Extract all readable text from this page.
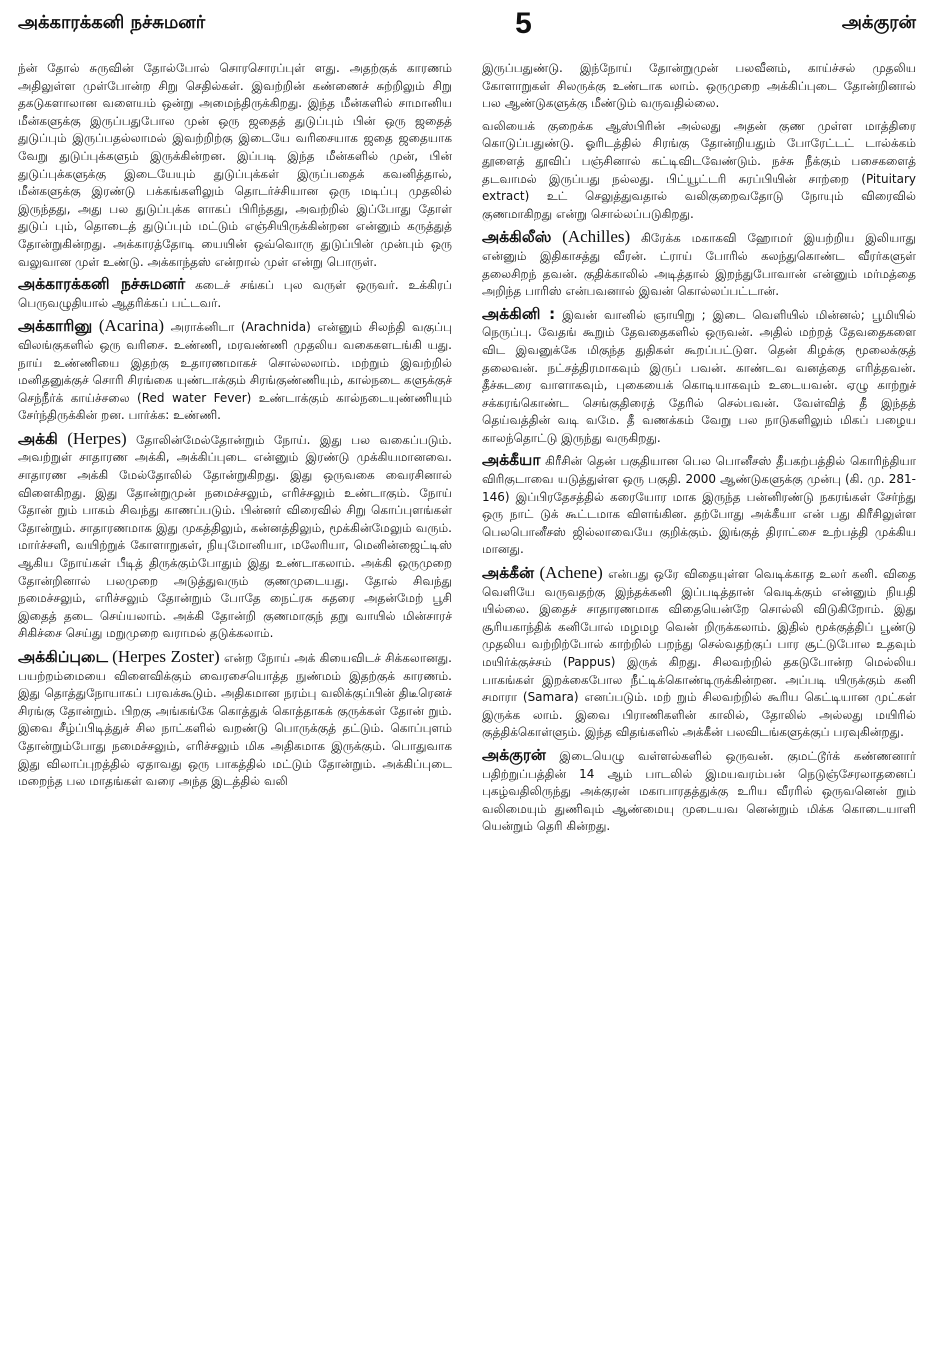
அக்காரக்கனி நச்சுமனர்	5	அக்குரன்

ந்ன் தோல் சுருவின் தோல்போல் சொரசொரப்புள் ளது. அதற்குக் காரணம் அதிலுள்ள முள்போன்ற சிறு செதில்கள். இவற்றின் கண்ணைச் சுற்றிலும் சிறு தகடுகளாலான வளையம் ஒன்று அமைந்திருக்கிறது. இந்த மீன்களில் சாமானிய மீன்களுக்கு இருப்பதுபோல முன் ஒரு ஜதைத் துடுப்பும் பின் ஒரு ஜதைத் துடுப்பும் இருப்பதல்லாமல் இவற்றிற்கு இடையே வரிசையாக ஜதை ஜதையாக வேறு துடுப்புக்களும் இருக்கின்றன. இப்படி இந்த மீன்களில் முன், பின் துடுப்புக்களுக்கு இடையேயும் துடுப்புக்கள் இருப்பதைக் கவனித்தால், மீன்களுக்கு இரண்டு பக்கங்களிலும் தொடர்ச்சியான ஒரு மடிப்பு முதலில் இருந்தது, அது பல துடுப்புக்க ளாகப் பிரிந்தது, அவற்றில் இப்போது தோள் துடுப் பும், தொடைத் துடுப்பும் மட்டும் எஞ்சியிருக்கின்றன என்னும் கருத்துத் தோன்றுகின்றது. அக்காரத்தோடி யையின் ஒவ்வொரு துடுப்பின் முன்பும் ஒரு வலுவான முள் உண்டு. அக்காந்தஸ் என்றால் முள் என்று பொருள்.

அக்காரக்கனி நச்சுமனர் கடைச் சங்கப் புல வருள் ஒருவர். உக்கிரப் பெருவழுதியால் ஆதரிக்கப் பட்டவர்.

அக்காரினு (Acarina) அராக்னிடா (Arachnida) என்னும் சிலந்தி வகுப்பு விலங்குகளில் ஒரு வரிசை. உண்ணி, மரவண்ணி முதலிய வகைகளடங்கி யது. நாய் உண்ணியை இதற்கு உதாரணமாகச் சொல்லலாம். மற்றும் இவற்றில் மனிதனுக்குச் சொரி சிரங்கை யுண்டாக்கும் சிரங்குண்ணியும், கால்நடை களுக்குச் செந்நீர்க் காய்ச்சலை (Red water Fever) உண்டாக்கும் கால்நடையுண்ணியும் சேர்ந்திருக்கின் றன. பார்க்க: உண்ணி.

அக்கி (Herpes) தோலின்மேல்தோன்றும் நோய். இது பல வகைப்படும். அவற்றுள் சாதாரண அக்கி, அக்கிப்புடை என்னும் இரண்டு முக்கியமானவை. சாதாரண அக்கி மேல்தோலில் தோன்றுகிறது. இது ஒருவகை வைரசினால் விளைகிறது. இது தோன்றுமுன் நமைச்சலும், எரிச்சலும் உண்டாகும். நோய் தோன் றும் பாகம் சிவந்து காணப்படும். பின்னர் விரைவில் சிறு கொப்புளங்கள் தோன்றும். சாதாரணமாக இது முகத்திலும், கன்னத்திலும், மூக்கின்மேலும் வரும். மார்ச்சளி, வயிற்றுக் கோளாறுகள், நியுமோனியா, மலேரியா, மெனின்ஜைட்டிஸ் ஆகிய நோய்கள் பீடித் திருக்கும்போதும் இது உண்டாகலாம். அக்கி ஒருமுறை தோன்றினால் பலமுறை அடுத்துவரும் குணமுடையது. தோல் சிவந்து நமைச்சலும், எரிச்சலும் தோன்றும் போதே நைட்ரசு சுதரை அதன்மேற் பூசி இதைத் தடை செய்யலாம். அக்கி தோன்றி குணமாகுந் தறு வாயில் மின்சாரச் சிகிச்சை செய்து மறுமுறை வராமல் தடுக்கலாம்.

அக்கிப்புடை (Herpes Zoster) என்ற நோய் அக் கியைவிடச் சிக்கலானது. பயற்றம்மையை விளைவிக்கும் வைரசையொத்த நுண்மம் இதற்குக் காரணம். இது தொத்துநோயாகப் பரவக்கூடும். அதிகமான நரம்பு வலிக்குப்பின் திடீரெனச் சிரங்கு தோன்றும். பிறகு அங்கங்கே கொத்துக் கொத்தாகக் குருக்கள் தோன் றும். இவை சீழ்ப்பிடித்துச் சில நாட்களில் வறண்டு பொருக்குத் தட்டும். கொப்புளம் தோன்றும்போது நமைச்சலும், எரிச்சலும் மிக அதிகமாக இருக்கும். பொதுவாக இது விலாப்புறத்தில் ஏதாவது ஒரு பாகத்தில் மட்டும் தோன்றும். அக்கிப்புடை மறைந்த பல மாதங்கள் வரை அந்த இடத்தில் வலி

இருப்பதுண்டு. இந்நோய் தோன்றுமுன் பலவீனம், காய்ச்சல் முதலிய கோளாறுகள் சிலருக்கு உண்டாக லாம். ஒருமுறை அக்கிப்புடை தோன்றினால் பல ஆண்டுகளுக்கு மீண்டும் வருவதில்லை.

வலியைக் குறைக்க ஆஸ்பிரின் அல்லது அதன் குண முள்ள மாத்திரை கொடுப்பதுண்டு. ஓரிடத்தில் சிரங்கு தோன்றியதும் போரேட்டட் டால்க்கம் தூளைத் தூவிப் பஞ்சினால் கட்டிவிடவேண்டும். நச்சு நீக்கும் பசைகளைத் தடவாமல் இருப்பது நல்லது. பிட்யூட்டரி சுரப்பியின் சாற்றை (Pituitary extract) உட் செலுத்துவதால் வலிகுறைவதோடு நோயும் விரைவில் குணமாகிறது என்று சொல்லப்படுகிறது.

அக்கிலீஸ் (Achilles) கிரேக்க மகாகவி ஹோமர் இயற்றிய இலியாது என்னும் இதிகாசத்து வீரன். ட்ராய் போரில் கலந்துகொண்ட வீரர்களுள் தலைசிறந் தவன். குதிக்காலில் அடித்தால் இறந்துபோவான் என்னும் மர்மத்தை அறிந்த பாரிஸ் என்பவனால் இவன் கொல்லப்பட்டான்.

அக்கினி : இவன் வானில் ஞாயிறு ; இடை வெளியில் மின்னல்; பூமியில் நெருப்பு. வேதங் கூறும் தேவதைகளில் ஒருவன். அதில் மற்றத் தேவதைகளை விட இவனுக்கே மிகுந்த துதிகள் கூறப்பட்டுள. தென் கிழக்கு மூலைக்குத் தலைவன். நட்சத்திரமாகவும் இருப் பவன். காண்டவ வனத்தை எரித்தவன். தீச்சுடரை வாளாகவும், புகையைக் கொடியாகவும் உடையவன். ஏழு காற்றுச் சக்கரங்கொண்ட செங்குதிரைத் தேரில் செல்பவன். வேள்வித் தீ இந்தத் தெய்வத்தின் வடி வமே. தீ வணக்கம் வேறு பல நாடுகளிலும் மிகப் பழைய காலந்தொட்டு இருந்து வருகிறது.

அக்கீயா கிரீசின் தென் பகுதியான பெல பொனீசஸ் தீபகற்பத்தில் கொரிந்தியா விரிகுடாவை யடுத்துள்ள ஒரு பகுதி. 2000 ஆண்டுகளுக்கு முன்பு (கி. மு. 281-146) இப்பிரதேசத்தில் கரையோர மாக இருந்த பன்னிரண்டு நகரங்கள் சேர்ந்து ஒரு நாட் டுக் கூட்டமாக விளங்கின. தற்போது அக்கீயா என் பது கிரீசிலுள்ள பெலபொனீசஸ் ஜில்லாவையே குறிக்கும். இங்குத் திராட்சை உற்பத்தி முக்கிய மானது.

அக்கீன் (Achene) என்பது ஒரே விதையுள்ள வெடிக்காத உலர் கனி. விதை வெளியே வருவதற்கு இந்தக்கனி இப்படித்தான் வெடிக்கும் என்னும் நியதி யில்லை. இதைச் சாதாரணமாக விதையென்றே சொல்லி விடுகிறோம். இது சூரியகாந்திக் கனிபோல் மழமழ வென் றிருக்கலாம். இதில் மூக்குத்திப் பூண்டு முதலிய வற்றிற்போல் காற்றில் பறந்து செல்வதற்குப் பார சூட்டுபோல உதவும் மயிர்க்குச்சம் (Pappus) இருக் கிறது. சிலவற்றில் தகடுபோன்ற மெல்லிய பாகங்கள் இறக்கைபோல நீட்டிக்கொண்டிருக்கின்றன. அப்படி யிருக்கும் கனி சமாரா (Samara) எனப்படும். மற் றும் சிலவற்றில் கூரிய கெட்டியான முட்கள் இருக்க லாம். இவை பிராணிகளின் காலில், தோலில் அல்லது மயிரில் குத்திக்கொள்ளும். இந்த விதங்களில் அக்கீன் பலவிடங்களுக்குப் பரவுகின்றது.

அக்குரன் இடையெழு வள்ளல்களில் ஒருவன். குமட்டூர்க் கண்ணனார் பதிற்றுப்பத்தின் 14 ஆம் பாடலில் இமயவரம்பன் நெடுஞ்சேரலாதனைப் புகழ்வதிலிருந்து அக்குரன் மகாபாரதத்துக்கு உரிய வீரரில் ஒருவனென் றும் வலிமையும் துணிவும் ஆண்மையு முடையவ னென்றும் மிக்க கொடையாளி யென்றும் தெரி கின்றது.
